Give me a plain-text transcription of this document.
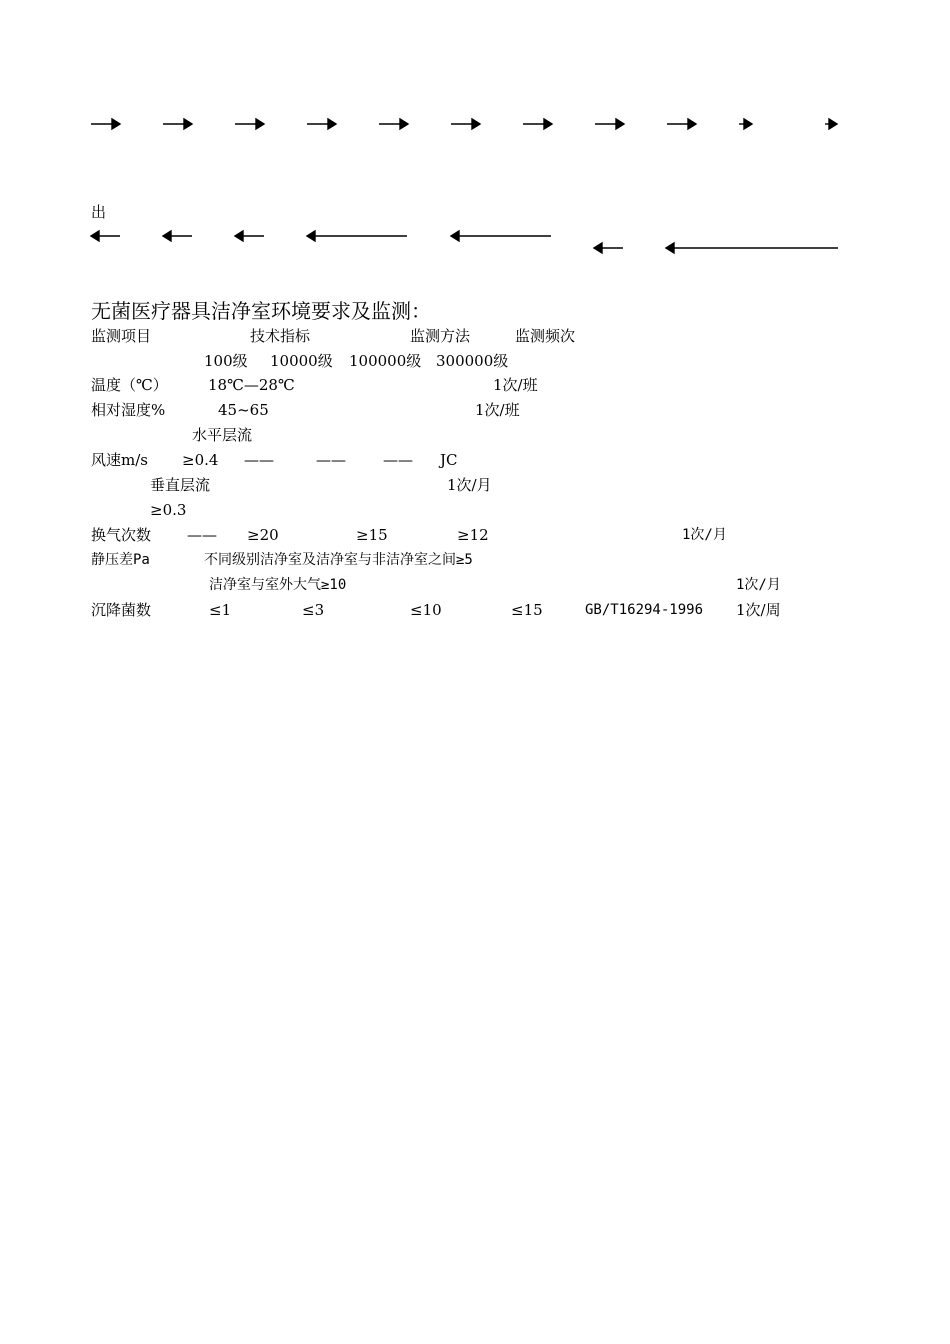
出
无菌医疗器具洁净室环境要求及监测：
监测项目	技术指标	监测方法	监测频次
100级 10000级 100000级 300000级
温度（℃）	18℃—28℃	1次/班
相对湿度%	45~65	1次/班
水平层流
风速m/s ≥0.4 ——	—— —— JC
垂直层流	1次/月
≥0.3
换气次数 —— ≥20	≥15	≥12	1次/月
静压差Pa	不同级别洁净室及洁净室与非洁净室之间≥5
洁净室与室外大气≥10	1次/月
沉降菌数	≤1	≤3	≤10	≤15	GB/T16294-1996 1次/周
